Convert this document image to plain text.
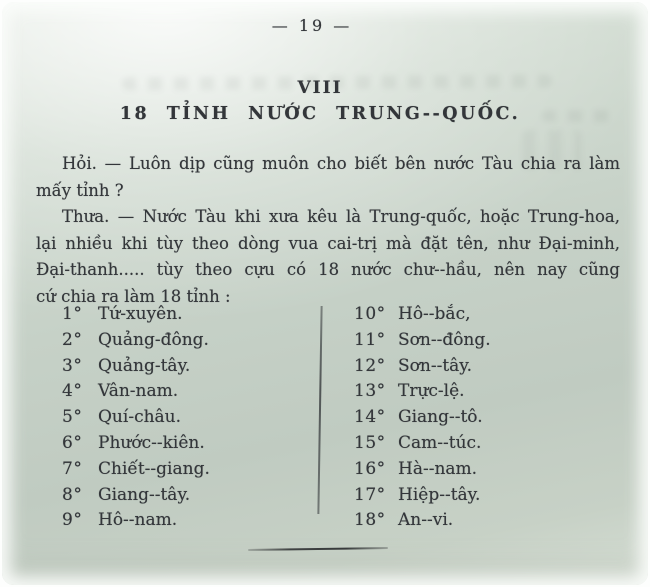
— 19 —
VIII
18 TỈNH NƯỚC TRUNG--QUỐC.
Hỏi. — Luôn dịp cũng muôn cho biết bên nước Tàu chia ra làm
mấy tỉnh ?
Thưa. — Nước Tàu khi xưa kêu là Trung-quốc, hoặc Trung-hoa,
lại nhiều khi tùy theo dòng vua cai-trị mà đặt tên, như Đại-minh,
Đại-thanh..... tùy theo cựu có 18 nước chư--hầu, nên nay cũng
cứ chia ra làm 18 tỉnh :
1° Tứ-xuyên.
2° Quảng-đông.
3° Quảng-tây.
4° Vân-nam.
5° Quí-châu.
6° Phước--kiên.
7° Chiết--giang.
8° Giang--tây.
9° Hô--nam.
10° Hô--bắc,
11° Sơn--đông.
12° Sơn--tây.
13° Trực-lệ.
14° Giang--tô.
15° Cam--túc.
16° Hà--nam.
17° Hiệp--tây.
18° An--vi.
